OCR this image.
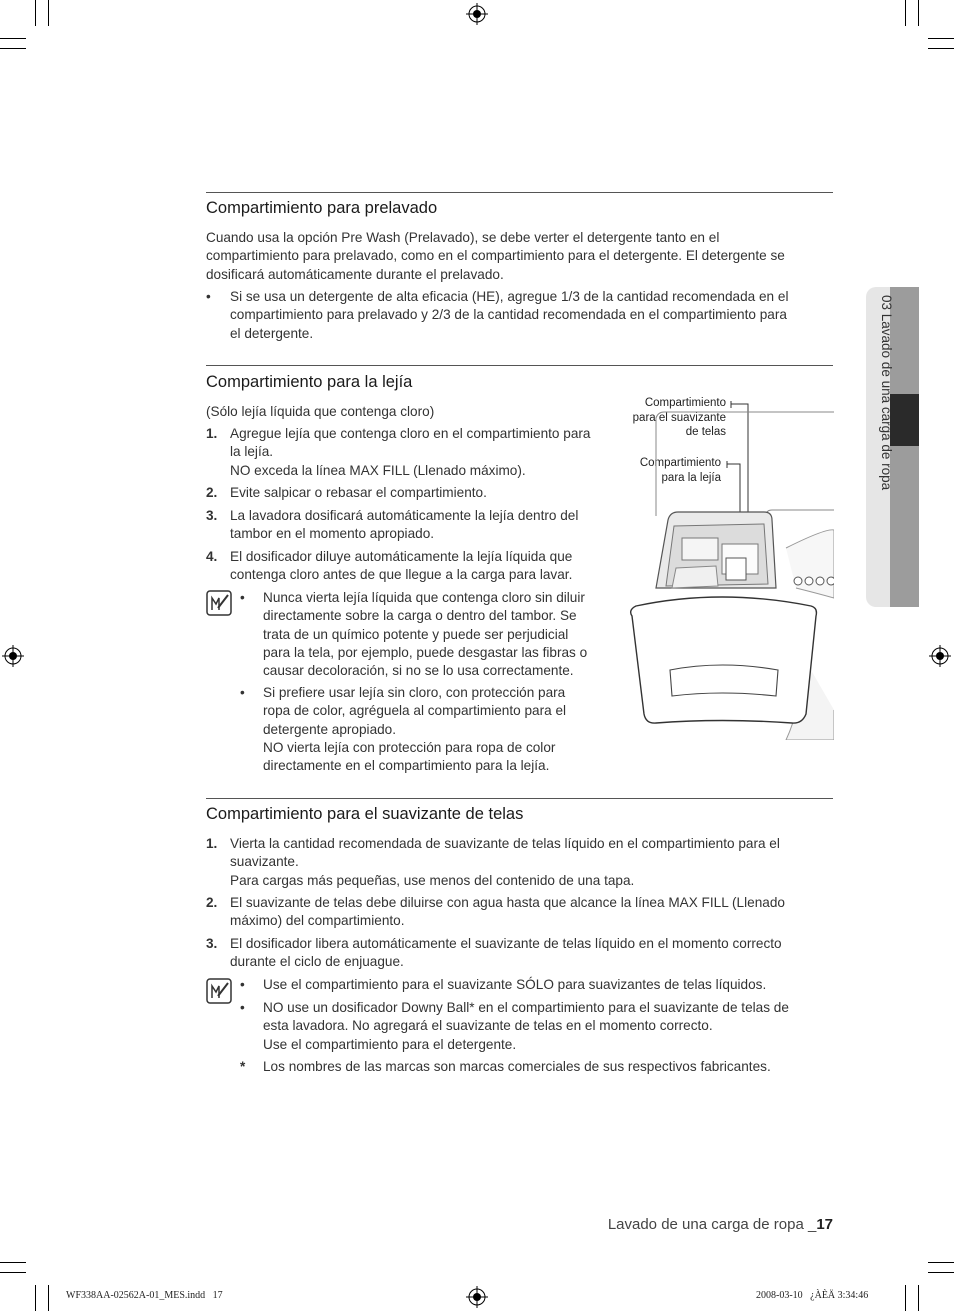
03 Lavado de una carga de ropa
Compartimiento para prelavado
Cuando usa la opción Pre Wash (Prelavado), se debe verter el detergente tanto en el
compartimiento para prelavado, como en el compartimiento para el detergente. El detergente se
dosificará automáticamente durante el prelavado.
• Si se usa un detergente de alta eficacia (HE), agregue 1/3 de la cantidad recomendada en el
compartimiento para prelavado y 2/3 de la cantidad recomendada en el compartimiento para
el detergente.
Compartimiento para la lejía
(Sólo lejía líquida que contenga cloro)
1. Agregue lejía que contenga cloro en el compartimiento para
la lejía.
NO exceda la línea MAX FILL (Llenado máximo).
2. Evite salpicar o rebasar el compartimiento.
3. La lavadora dosificará automáticamente la lejía dentro del
tambor en el momento apropiado.
4. El dosificador diluye automáticamente la lejía líquida que
contenga cloro antes de que llegue a la carga para lavar.
• Nunca vierta lejía líquida que contenga cloro sin diluir
directamente sobre la carga o dentro del tambor. Se
trata de un químico potente y puede ser perjudicial
para la tela, por ejemplo, puede desgastar las fibras o
causar decoloración, si no se lo usa correctamente.
• Si prefiere usar lejía sin cloro, con protección para
ropa de color, agréguela al compartimiento para el
detergente apropiado.
NO vierta lejía con protección para ropa de color
directamente en el compartimiento para la lejía.
Compartimiento
para el suavizante
de telas
Compartimiento
para la lejía
Compartimiento para el suavizante de telas
1. Vierta la cantidad recomendada de suavizante de telas líquido en el compartimiento para el
suavizante.
Para cargas más pequeñas, use menos del contenido de una tapa.
2. El suavizante de telas debe diluirse con agua hasta que alcance la línea MAX FILL (Llenado
máximo) del compartimiento.
3. El dosificador libera automáticamente el suavizante de telas líquido en el momento correcto
durante el ciclo de enjuague.
• Use el compartimiento para el suavizante SÓLO para suavizantes de telas líquidos.
• NO use un dosificador Downy Ball* en el compartimiento para el suavizante de telas de
esta lavadora. No agregará el suavizante de telas en el momento correcto.
Use el compartimiento para el detergente.
* Los nombres de las marcas son marcas comerciales de sus respectivos fabricantes.
Lavado de una carga de ropa _17
WF338AA-02562A-01_MES.indd   17	2008-03-10   ¿ÀÈÄ 3:34:46
